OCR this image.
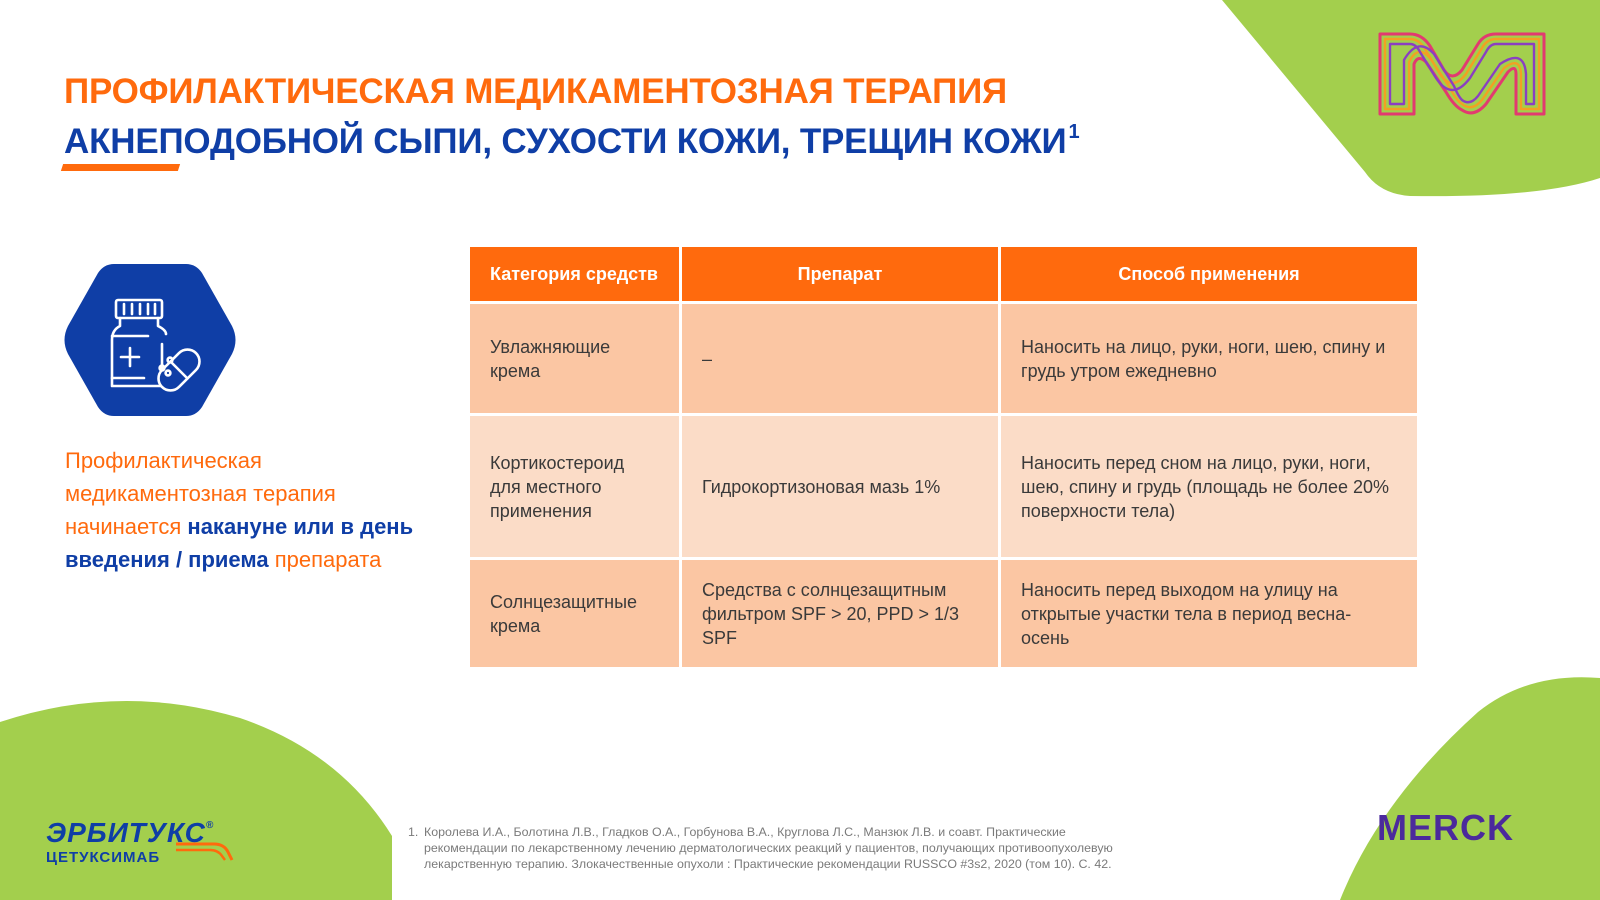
ПРОФИЛАКТИЧЕСКАЯ МЕДИКАМЕНТОЗНАЯ ТЕРАПИЯ
АКНЕПОДОБНОЙ СЫПИ, СУХОСТИ КОЖИ, ТРЕЩИН КОЖИ $^1$
Профилактическая медикаментозная терапия начинается накануне или в день введения / приема препарата
Категория средств	Препарат	Способ применения
Увлажняющие крема	–	Наносить на лицо, руки, ноги, шею, спину и грудь утром ежедневно
Кортикостероид для местного применения	Гидрокортизоновая мазь 1%	Наносить перед сном на лицо, руки, ноги, шею, спину и грудь (площадь не более 20% поверхности тела)
Солнцезащитные крема	Средства с солнцезащитным фильтром SPF > 20, PPD > 1/3 SPF	Наносить перед выходом на улицу на открытые участки тела в период весна-осень
1. Королева И.А., Болотина Л.В., Гладков О.А., Горбунова В.А., Круглова Л.С., Манзюк Л.В. и соавт. Практические
рекомендации по лекарственному лечению дерматологических реакций у пациентов, получающих противоопухолевую
лекарственную терапию. Злокачественные опухоли : Практические рекомендации RUSSCO #3s2, 2020 (том 10). С. 42.
ЭРБИТУКС®
ЦЕТУКСИМАБ
MERCK
